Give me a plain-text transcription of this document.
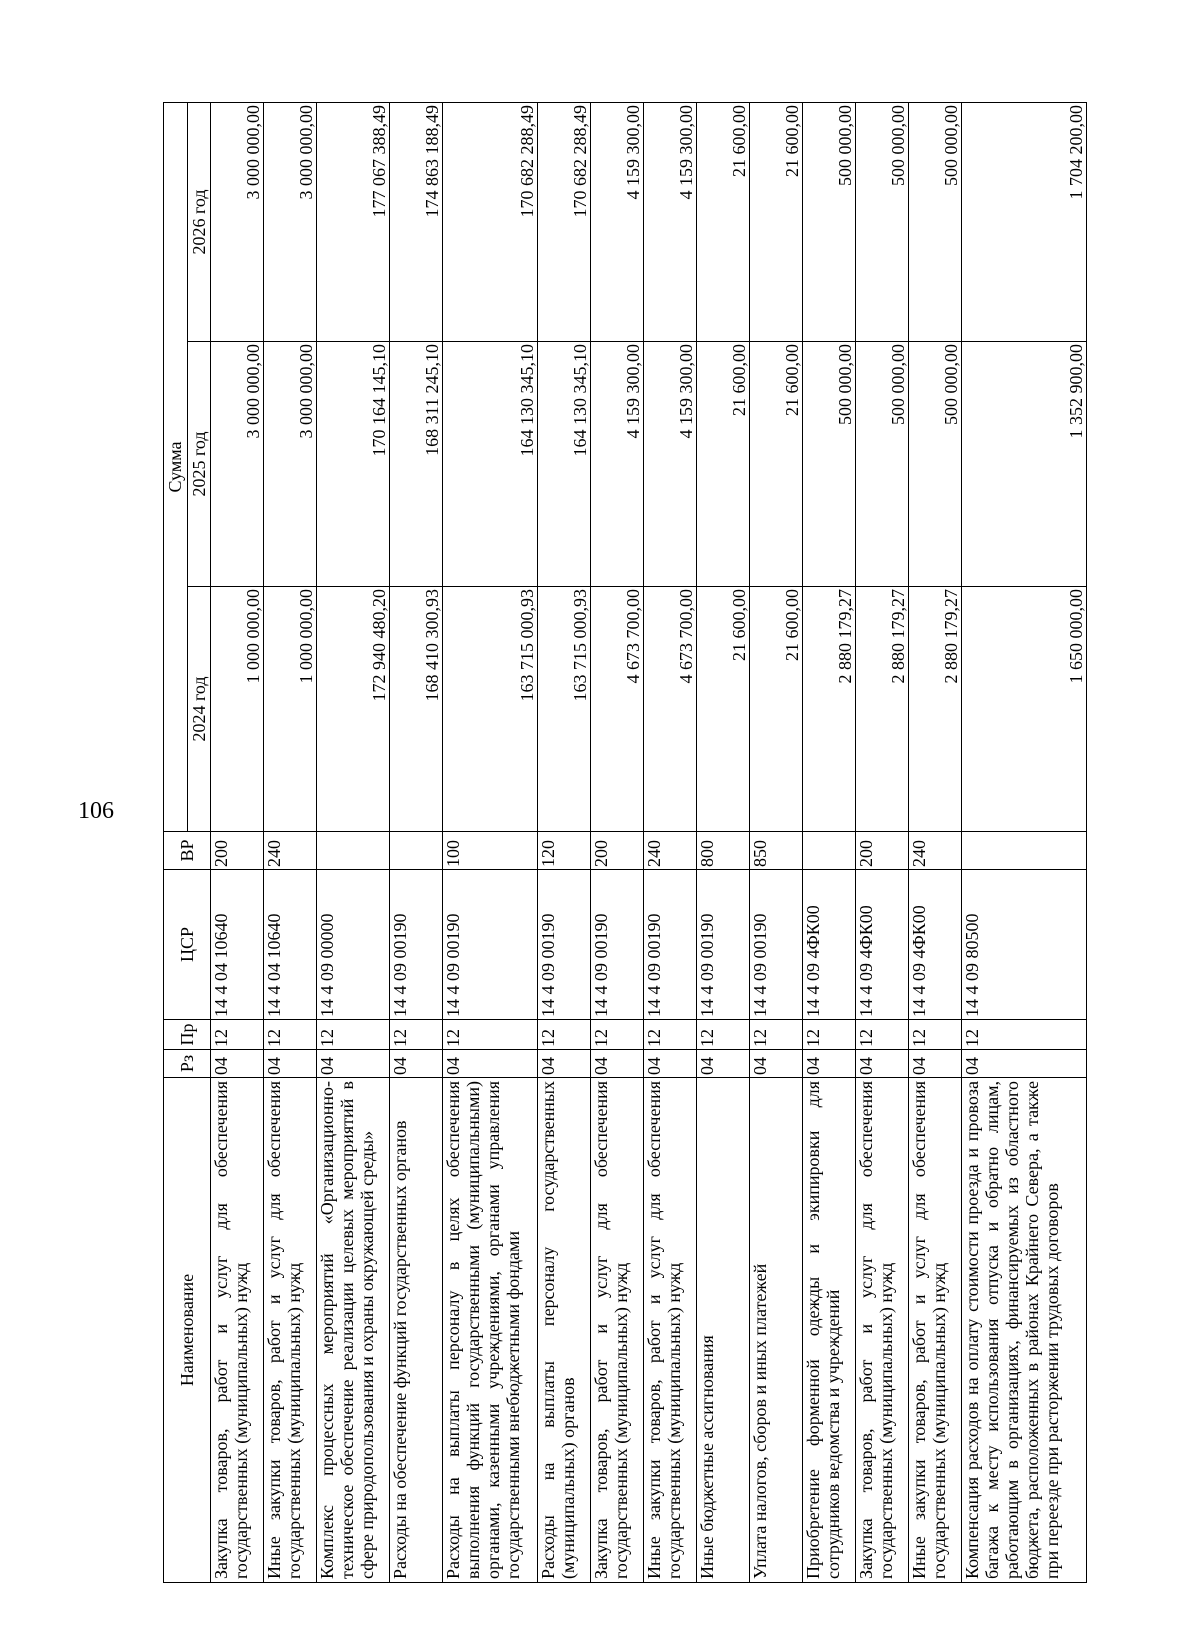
106
Наименование	Рз	Пр	ЦСР	ВР	Сумма		
					2024 год	2025 год	2026 год
Закупка товаров, работ и услуг для обеспечения государственных (муниципальных) нужд	04	12	14 4 04 10640	200	1 000 000,00	3 000 000,00	3 000 000,00
Иные закупки товаров, работ и услуг для обеспечения государственных (муниципальных) нужд	04	12	14 4 04 10640	240	1 000 000,00	3 000 000,00	3 000 000,00
Комплекс процессных мероприятий «Организационно-техническое обеспечение реализации целевых мероприятий в сфере природопользования и охраны окружающей среды»	04	12	14 4 09 00000		172 940 480,20	170 164 145,10	177 067 388,49
Расходы на обеспечение функций государственных органов	04	12	14 4 09 00190		168 410 300,93	168 311 245,10	174 863 188,49
Расходы на выплаты персоналу в целях обеспечения выполнения функций государственными (муниципальными) органами, казенными учреждениями, органами управления государственными внебюджетными фондами	04	12	14 4 09 00190	100	163 715 000,93	164 130 345,10	170 682 288,49
Расходы на выплаты персоналу государственных (муниципальных) органов	04	12	14 4 09 00190	120	163 715 000,93	164 130 345,10	170 682 288,49
Закупка товаров, работ и услуг для обеспечения государственных (муниципальных) нужд	04	12	14 4 09 00190	200	4 673 700,00	4 159 300,00	4 159 300,00
Иные закупки товаров, работ и услуг для обеспечения государственных (муниципальных) нужд	04	12	14 4 09 00190	240	4 673 700,00	4 159 300,00	4 159 300,00
Иные бюджетные ассигнования	04	12	14 4 09 00190	800	21 600,00	21 600,00	21 600,00
Уплата налогов, сборов и иных платежей	04	12	14 4 09 00190	850	21 600,00	21 600,00	21 600,00
Приобретение форменной одежды и экипировки для сотрудников ведомства и учреждений	04	12	14 4 09 4ФК00		2 880 179,27	500 000,00	500 000,00
Закупка товаров, работ и услуг для обеспечения государственных (муниципальных) нужд	04	12	14 4 09 4ФК00	200	2 880 179,27	500 000,00	500 000,00
Иные закупки товаров, работ и услуг для обеспечения государственных (муниципальных) нужд	04	12	14 4 09 4ФК00	240	2 880 179,27	500 000,00	500 000,00
Компенсация расходов на оплату стоимости проезда и провоза багажа к месту использования отпуска и обратно лицам, работающим в организациях, финансируемых из областного бюджета, расположенных в районах Крайнего Севера, а также при переезде при расторжении трудовых договоров	04	12	14 4 09 80500		1 650 000,00	1 352 900,00	1 704 200,00
